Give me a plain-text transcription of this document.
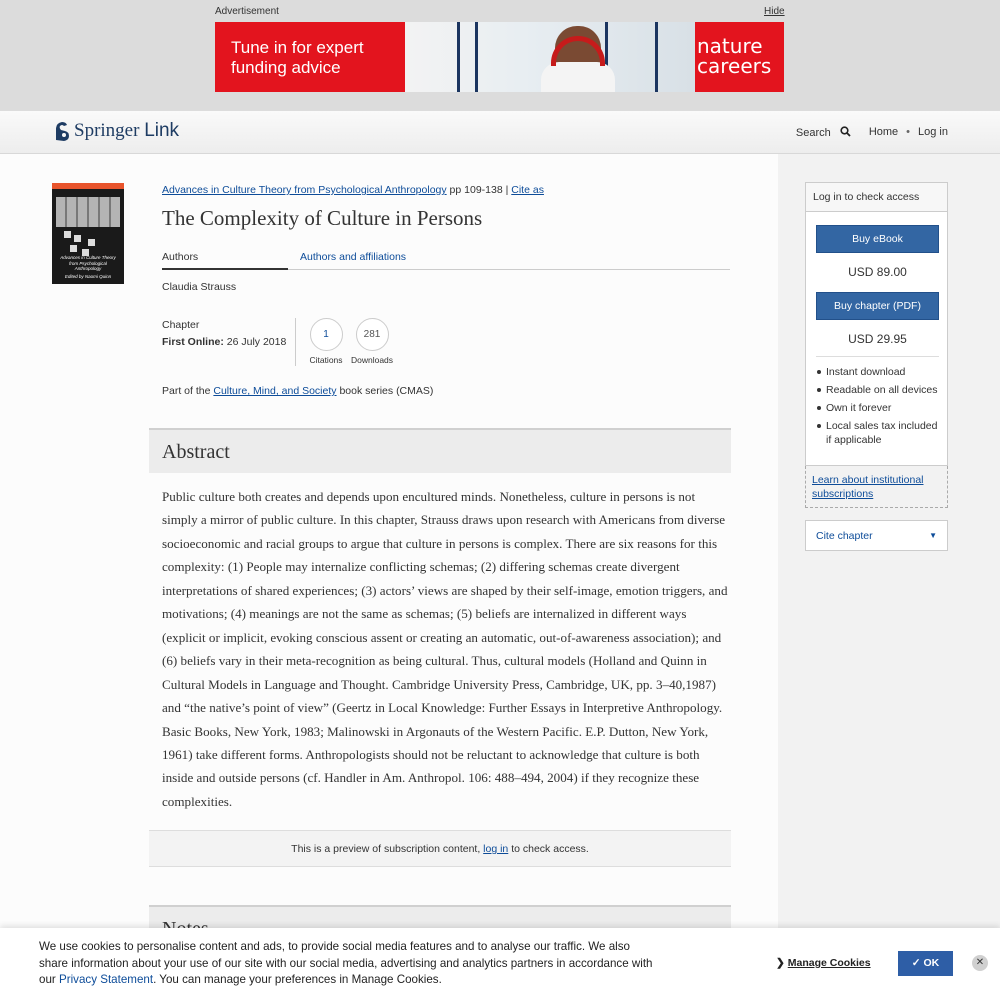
Advertisement	Hide
Tune in for expert funding advice
nature
careers
Springer Link	Search	Home • Log in
Advances in Culture Theory from Psychological Anthropology
Edited by Naomi Quinn
Advances in Culture Theory from Psychological Anthropology pp 109-138 | Cite as
The Complexity of Culture in Persons
Authors	Authors and affiliations
Claudia Strauss
Chapter
First Online: 26 July 2018
1
Citations
281
Downloads
Part of the Culture, Mind, and Society book series (CMAS)
Abstract

Public culture both creates and depends upon encultured minds. Nonetheless, culture in persons is not simply a mirror of public culture. In this chapter, Strauss draws upon research with Americans from diverse socioeconomic and racial groups to argue that culture in persons is complex. There are six reasons for this complexity: (1) People may internalize conflicting schemas; (2) differing schemas create divergent interpretations of shared experiences; (3) actors’ views are shaped by their self-image, emotion triggers, and motivations; (4) meanings are not the same as schemas; (5) beliefs are internalized in different ways (explicit or implicit, evoking conscious assent or creating an automatic, out-of-awareness association); and (6) beliefs vary in their meta-recognition as being cultural. Thus, cultural models (Holland and Quinn in Cultural Models in Language and Thought. Cambridge University Press, Cambridge, UK, pp. 3–40,1987) and “the native’s point of view” (Geertz in Local Knowledge: Further Essays in Interpretive Anthropology. Basic Books, New York, 1983; Malinowski in Argonauts of the Western Pacific. E.P. Dutton, New York, 1961) take different forms. Anthropologists should not be reluctant to acknowledge that culture is both inside and outside persons (cf. Handler in Am. Anthropol. 106: 488–494, 2004) if they recognize these complexities.

This is a preview of subscription content, log in to check access.
Log in to check access
Buy eBook
USD 89.00
Buy chapter (PDF)
USD 29.95
Instant download
Readable on all devices
Own it forever
Local sales tax included if applicable
Learn about institutional subscriptions
Cite chapter	▼
We use cookies to personalise content and ads, to provide social media features and to analyse our traffic. We also share information about your use of our site with our social media, advertising and analytics partners in accordance with our Privacy Statement. You can manage your preferences in Manage Cookies.
❯ Manage Cookies	✓ OK	✕
